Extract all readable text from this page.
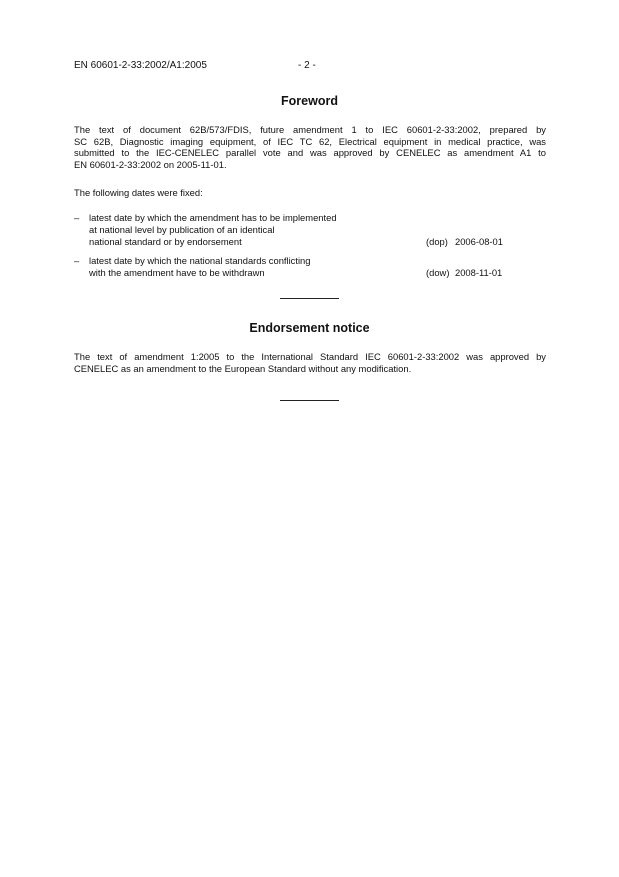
EN 60601-2-33:2002/A1:2005	- 2 -
Foreword
The text of document 62B/573/FDIS, future amendment 1 to IEC 60601-2-33:2002, prepared by
SC 62B, Diagnostic imaging equipment, of IEC TC 62, Electrical equipment in medical practice, was
submitted to the IEC-CENELEC parallel vote and was approved by CENELEC as amendment A1 to
EN 60601-2-33:2002 on 2005-11-01.
The following dates were fixed:
– latest date by which the amendment has to be implemented
at national level by publication of an identical
national standard or by endorsement	(dop) 2006-08-01
– latest date by which the national standards conflicting
with the amendment have to be withdrawn	(dow) 2008-11-01
Endorsement notice
The text of amendment 1:2005 to the International Standard IEC 60601-2-33:2002 was approved by
CENELEC as an amendment to the European Standard without any modification.
